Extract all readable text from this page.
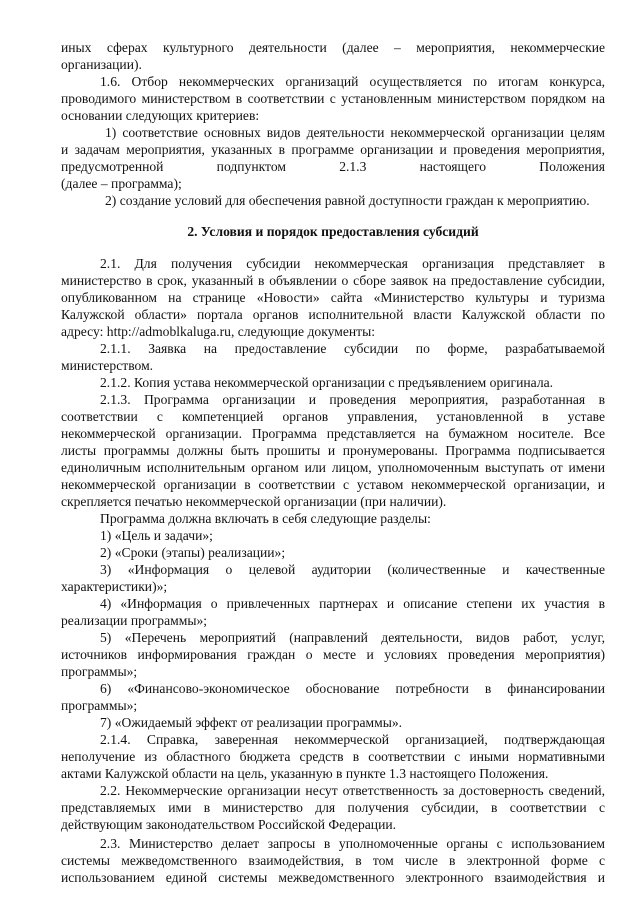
иных сферах культурного деятельности (далее – мероприятия, некоммерческие
организации).
1.6. Отбор некоммерческих организаций осуществляется по итогам конкурса,
проводимого министерством в соответствии с установленным министерством порядком на
основании следующих критериев:
1) соответствие основных видов деятельности некоммерческой организации целям
и задачам мероприятия, указанных в программе организации и проведения мероприятия,
предусмотренной подпунктом 2.1.3 настоящего Положения
(далее – программа);
2) создание условий для обеспечения равной доступности граждан к мероприятию.
2. Условия и порядок предоставления субсидий
2.1. Для получения субсидии некоммерческая организация представляет в
министерство в срок, указанный в объявлении о сборе заявок на предоставление субсидии,
опубликованном на странице «Новости» сайта «Министерство культуры и туризма
Калужской области» портала органов исполнительной власти Калужской области по
адресу: http://admoblkaluga.ru, следующие документы:
2.1.1. Заявка на предоставление субсидии по форме, разрабатываемой
министерством.
2.1.2. Копия устава некоммерческой организации с предъявлением оригинала.
2.1.3. Программа организации и проведения мероприятия, разработанная в
соответствии с компетенцией органов управления, установленной в уставе
некоммерческой организации. Программа представляется на бумажном носителе. Все
листы программы должны быть прошиты и пронумерованы. Программа подписывается
единоличным исполнительным органом или лицом, уполномоченным выступать от имени
некоммерческой организации в соответствии с уставом некоммерческой организации, и
скрепляется печатью некоммерческой организации (при наличии).
Программа должна включать в себя следующие разделы:
1) «Цель и задачи»;
2) «Сроки (этапы) реализации»;
3) «Информация о целевой аудитории (количественные и качественные
характеристики)»;
4) «Информация о привлеченных партнерах и описание степени их участия в
реализации программы»;
5) «Перечень мероприятий (направлений деятельности, видов работ, услуг,
источников информирования граждан о месте и условиях проведения мероприятия)
программы»;
6) «Финансово-экономическое обоснование потребности в финансировании
программы»;
7) «Ожидаемый эффект от реализации программы».
2.1.4. Справка, заверенная некоммерческой организацией, подтверждающая
неполучение из областного бюджета средств в соответствии с иными нормативными
актами Калужской области на цель, указанную в пункте 1.3 настоящего Положения.
2.2. Некоммерческие организации несут ответственность за достоверность сведений,
представляемых ими в министерство для получения субсидии, в соответствии с
действующим законодательством Российской Федерации.
2.3. Министерство делает запросы в уполномоченные органы с использованием
системы межведомственного взаимодействия, в том числе в электронной форме с
использованием единой системы межведомственного электронного взаимодействия и
